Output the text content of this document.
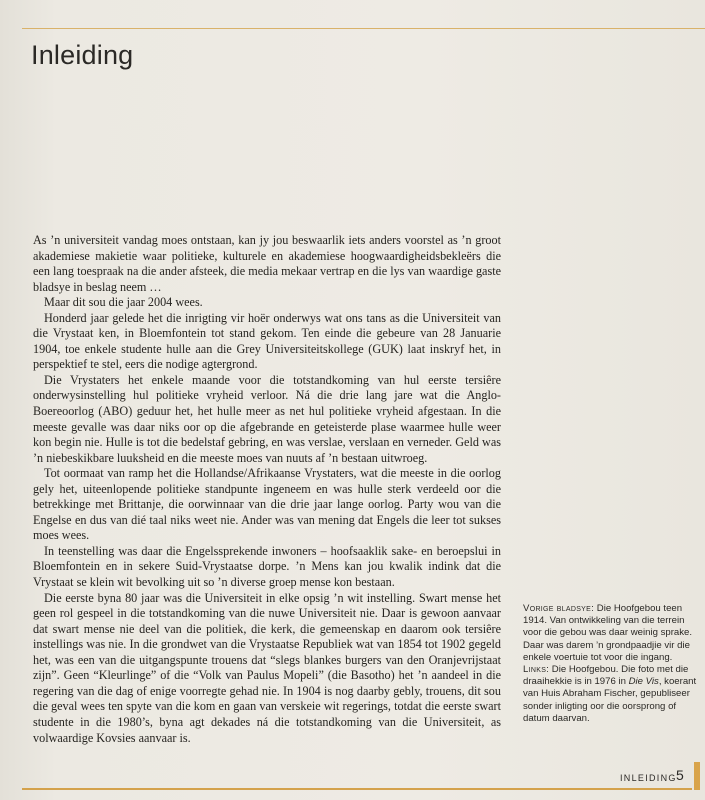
Inleiding

As ’n universiteit vandag moes ontstaan, kan jy jou beswaarlik iets anders voorstel as ’n groot akademiese makietie waar politieke, kulturele en akademiese hoogwaardigheidsbekleërs die een lang toespraak na die ander afsteek, die media mekaar vertrap en die lys van waardige gaste bladsye in beslag neem …

Maar dit sou die jaar 2004 wees.

Honderd jaar gelede het die inrigting vir hoër onderwys wat ons tans as die Universiteit van die Vrystaat ken, in Bloemfontein tot stand gekom. Ten einde die gebeure van 28 Januarie 1904, toe enkele studente hulle aan die Grey Universiteitskollege (GUK) laat inskryf het, in perspektief te stel, eers die nodige agtergrond.

Die Vrystaters het enkele maande voor die totstandkoming van hul eerste tersiêre onderwysinstelling hul politieke vryheid verloor. Ná die drie lang jare wat die Anglo-Boereoorlog (ABO) geduur het, het hulle meer as net hul politieke vryheid afgestaan. In die meeste gevalle was daar niks oor op die afgebrande en geteisterde plase waarmee hulle weer kon begin nie. Hulle is tot die bedelstaf gebring, en was verslae, verslaan en verneder. Geld was ’n niebeskikbare luuksheid en die meeste moes van nuuts af ’n bestaan uitwroeg.

Tot oormaat van ramp het die Hollandse/Afrikaanse Vrystaters, wat die meeste in die oorlog gely het, uiteenlopende politieke standpunte ingeneem en was hulle sterk verdeeld oor die betrekkinge met Brittanje, die oorwinnaar van die drie jaar lange oorlog. Party wou van die Engelse en dus van dié taal niks weet nie. Ander was van mening dat Engels die leer tot sukses moes wees.

In teenstelling was daar die Engelssprekende inwoners – hoofsaaklik sake- en beroepslui in Bloemfontein en in sekere Suid-Vrystaatse dorpe. ’n Mens kan jou kwalik indink dat die Vrystaat se klein wit bevolking uit so ’n diverse groep mense kon bestaan.

Die eerste byna 80 jaar was die Universiteit in elke opsig ’n wit instelling. Swart mense het geen rol gespeel in die totstandkoming van die nuwe Universiteit nie. Daar is gewoon aanvaar dat swart mense nie deel van die politiek, die kerk, die gemeenskap en daarom ook tersiêre instellings was nie. In die grondwet van die Vrystaatse Republiek wat van 1854 tot 1902 gegeld het, was een van die uitgangspunte trouens dat “slegs blankes burgers van den Oranjevrijstaat zijn”. Geen “Kleurlinge” of die “Volk van Paulus Mopeli” (die Basotho) het ’n aandeel in die regering van die dag of enige voorregte gehad nie. In 1904 is nog daarby gebly, trouens, dit sou die geval wees ten spyte van die kom en gaan van verskeie wit regerings, totdat die eerste swart studente in die 1980’s, byna agt dekades ná die totstandkoming van die Universiteit, as volwaardige Kovsies aanvaar is.

Vorige bladsye: Die Hoofgebou teen 1914. Van ontwikkeling van die terrein voor die gebou was daar weinig sprake. Daar was darem ’n grondpaadjie vir die enkele voertuie tot voor die ingang.

Links: Die Hoofgebou. Die foto met die draaihekkie is in 1976 in Die Vis, koerant van Huis Abraham Fischer, gepubliseer sonder inligting oor die oorsprong of datum daarvan.

INLEIDING 5
